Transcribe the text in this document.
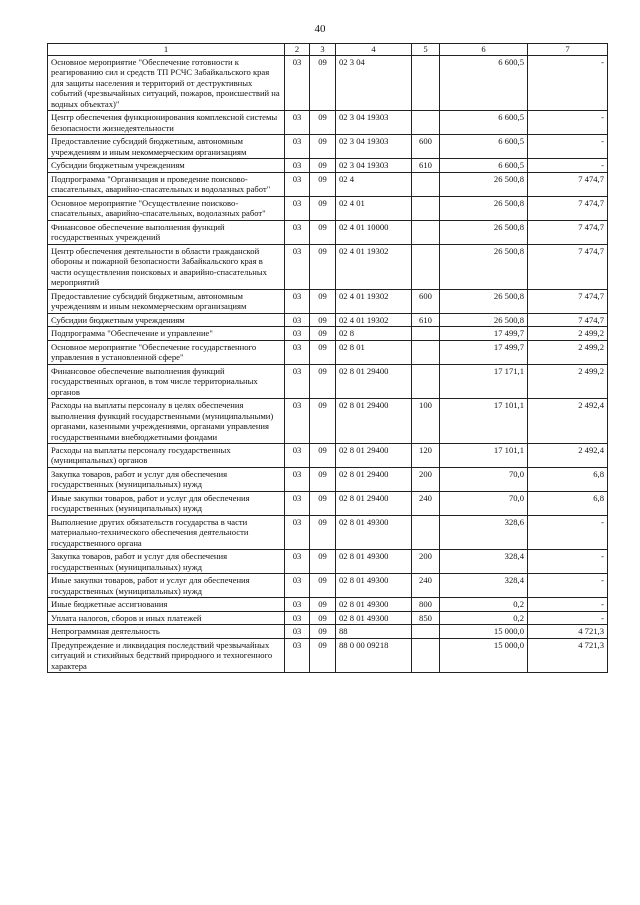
40
1	2	3	4	5	6	7
Основное мероприятие "Обеспечение готовности к реагированию сил и средств ТП РСЧС Забайкальского края для защиты населения и территорий от деструктивных событий (чрезвычайных ситуаций, пожаров, происшествий на водных объектах)"	03	09	02 3 04		6 600,5	-
Центр обеспечения функционирования комплексной системы безопасности жизнедеятельности	03	09	02 3 04 19303		6 600,5	-
Предоставление субсидий бюджетным, автономным учреждениям и иным некоммерческим организациям	03	09	02 3 04 19303	600	6 600,5	-
Субсидии бюджетным учреждениям	03	09	02 3 04 19303	610	6 600,5	-
Подпрограмма "Организация и проведение поисково-спасательных, аварийно-спасательных и водолазных работ"	03	09	02 4		26 500,8	7 474,7
Основное мероприятие "Осуществление поисково-спасательных, аварийно-спасательных, водолазных работ"	03	09	02 4 01		26 500,8	7 474,7
Финансовое обеспечение выполнения функций государственных учреждений	03	09	02 4 01 10000		26 500,8	7 474,7
Центр обеспечения деятельности в области гражданской обороны и пожарной безопасности Забайкальского края в части осуществления поисковых и аварийно-спасательных мероприятий	03	09	02 4 01 19302		26 500,8	7 474,7
Предоставление субсидий бюджетным, автономным учреждениям и иным некоммерческим организациям	03	09	02 4 01 19302	600	26 500,8	7 474,7
Субсидии бюджетным учреждениям	03	09	02 4 01 19302	610	26 500,8	7 474,7
Подпрограмма "Обеспечение и управление"	03	09	02 8		17 499,7	2 499,2
Основное мероприятие "Обеспечение государственного управления в установленной сфере"	03	09	02 8 01		17 499,7	2 499,2
Финансовое обеспечение выполнения функций государственных органов, в том числе территориальных органов	03	09	02 8 01 29400		17 171,1	2 499,2
Расходы на выплаты персоналу в целях обеспечения выполнения функций государственными (муниципальными) органами, казенными учреждениями, органами управления государственными внебюджетными фондами	03	09	02 8 01 29400	100	17 101,1	2 492,4
Расходы на выплаты персоналу государственных (муниципальных) органов	03	09	02 8 01 29400	120	17 101,1	2 492,4
Закупка товаров, работ и услуг для обеспечения государственных (муниципальных) нужд	03	09	02 8 01 29400	200	70,0	6,8
Иные закупки товаров, работ и услуг для обеспечения государственных (муниципальных) нужд	03	09	02 8 01 29400	240	70,0	6,8
Выполнение других обязательств государства в части материально-технического обеспечения деятельности государственного органа	03	09	02 8 01 49300		328,6	-
Закупка товаров, работ и услуг для обеспечения государственных (муниципальных) нужд	03	09	02 8 01 49300	200	328,4	-
Иные закупки товаров, работ и услуг для обеспечения государственных (муниципальных) нужд	03	09	02 8 01 49300	240	328,4	-
Иные бюджетные ассигнования	03	09	02 8 01 49300	800	0,2	-
Уплата налогов, сборов и иных платежей	03	09	02 8 01 49300	850	0,2	-
Непрограммная деятельность	03	09	88		15 000,0	4 721,3
Предупреждение и ликвидация последствий чрезвычайных ситуаций и стихийных бедствий природного и техногенного характера	03	09	88 0 00 09218		15 000,0	4 721,3
